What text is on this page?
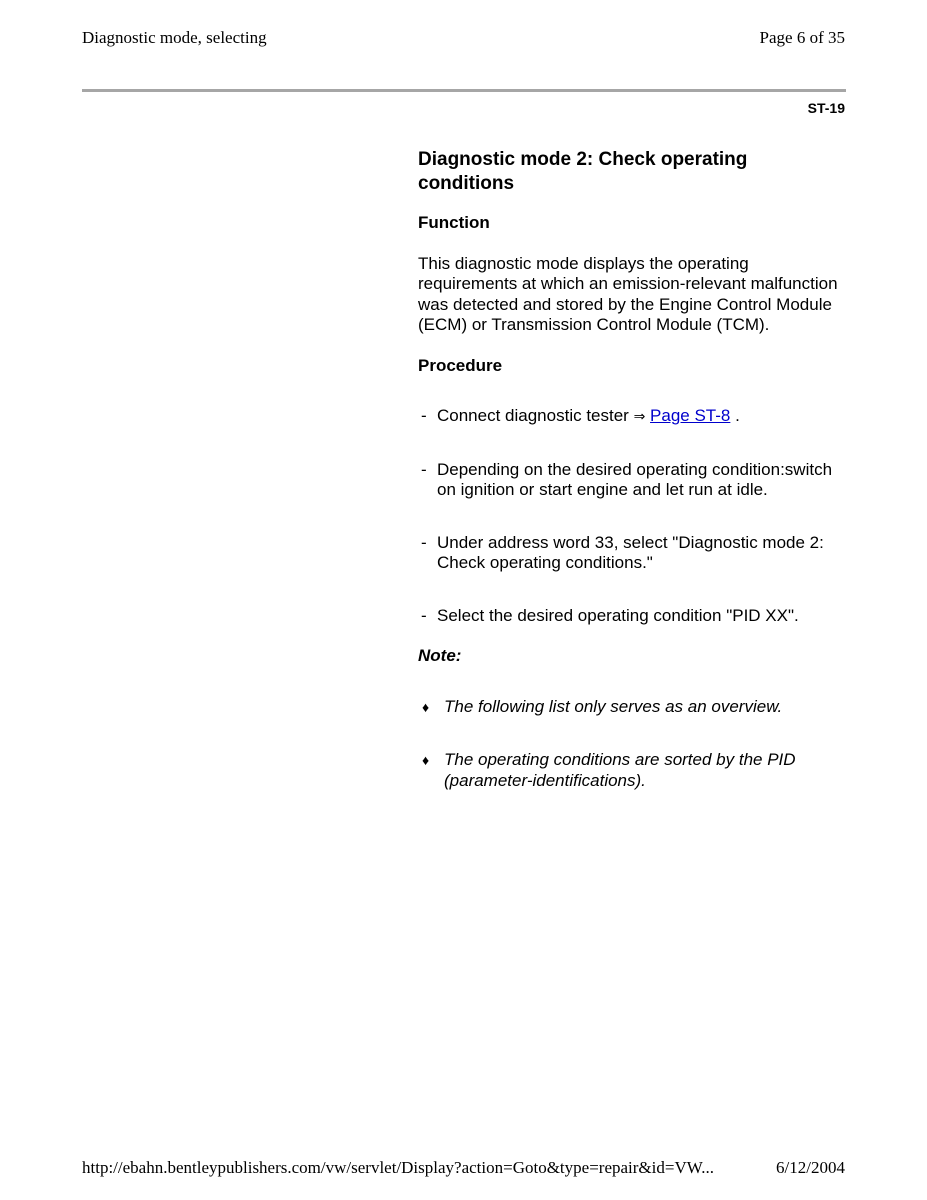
Diagnostic mode, selecting	Page 6 of 35
ST-19
Diagnostic mode 2: Check operating conditions
Function

This diagnostic mode displays the operating requirements at which an emission-relevant malfunction was detected and stored by the Engine Control Module (ECM) or Transmission Control Module (TCM).

Procedure
- Connect diagnostic tester ⇒ Page ST-8 .
- Depending on the desired operating condition:switch on ignition or start engine and let run at idle.
- Under address word 33, select "Diagnostic mode 2: Check operating conditions."
- Select the desired operating condition "PID XX".
Note:
♦ The following list only serves as an overview.
♦ The operating conditions are sorted by the PID (parameter-identifications).
http://ebahn.bentleypublishers.com/vw/servlet/Display?action=Goto&type=repair&id=VW...	6/12/2004
